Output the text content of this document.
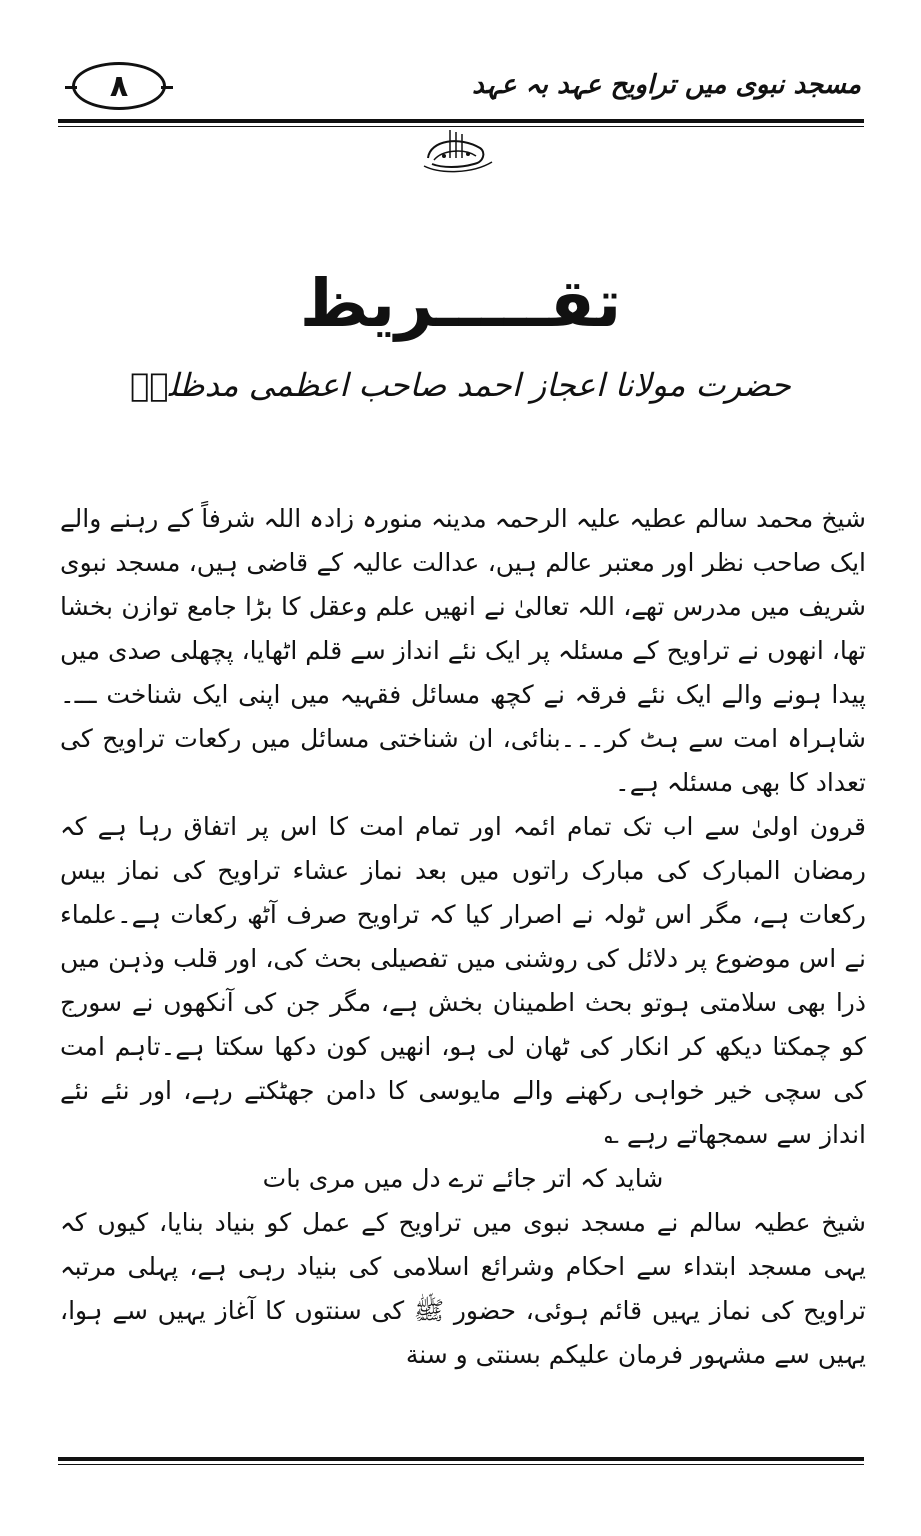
مسجد نبوی میں تراویح عہد بہ عہد
۸
تقـــــریظ
حضرت مولانا اعجاز احمد صاحب اعظمی مدظلہٗ

شیخ محمد سالم عطیہ علیہ الرحمہ مدینہ منورہ زادہ اللہ شرفاً کے رہنے والے ایک صاحب نظر اور معتبر عالم ہیں، عدالت عالیہ کے قاضی ہیں، مسجد نبوی شریف میں مدرس تھے، اللہ تعالیٰ نے انھیں علم وعقل کا بڑا جامع توازن بخشا تھا، انھوں نے تراویح کے مسئلہ پر ایک نئے انداز سے قلم اٹھایا، پچھلی صدی میں پیدا ہونے والے ایک نئے فرقہ نے کچھ مسائل فقہیہ میں اپنی ایک شناخت ـــ۔شاہراہ امت سے ہٹ کر۔۔۔بنائی، ان شناختی مسائل میں رکعات تراویح کی تعداد کا بھی مسئلہ ہے۔

قرون اولیٰ سے اب تک تمام ائمہ اور تمام امت کا اس پر اتفاق رہا ہے کہ رمضان المبارک کی مبارک راتوں میں بعد نماز عشاء تراویح کی نماز بیس رکعات ہے، مگر اس ٹولہ نے اصرار کیا کہ تراویح صرف آٹھ رکعات ہے۔علماء نے اس موضوع پر دلائل کی روشنی میں تفصیلی بحث کی، اور قلب وذہن میں ذرا بھی سلامتی ہوتو بحث اطمینان بخش ہے، مگر جن کی آنکھوں نے سورج کو چمکتا دیکھ کر انکار کی ٹھان لی ہو، انھیں کون دکھا سکتا ہے۔تاہم امت کی سچی خیر خواہی رکھنے والے مایوسی کا دامن جھٹکتے رہے، اور نئے نئے انداز سے سمجھاتے رہے ؎

شاید کہ اتر جائے ترے دل میں مری بات

شیخ عطیہ سالم نے مسجد نبوی میں تراویح کے عمل کو بنیاد بنایا، کیوں کہ یہی مسجد ابتداء سے احکام وشرائع اسلامی کی بنیاد رہی ہے، پہلی مرتبہ تراویح کی نماز یہیں قائم ہوئی، حضور ﷺ کی سنتوں کا آغاز یہیں سے ہوا، یہیں سے مشہور فرمان علیکم بسنتی و سنة
